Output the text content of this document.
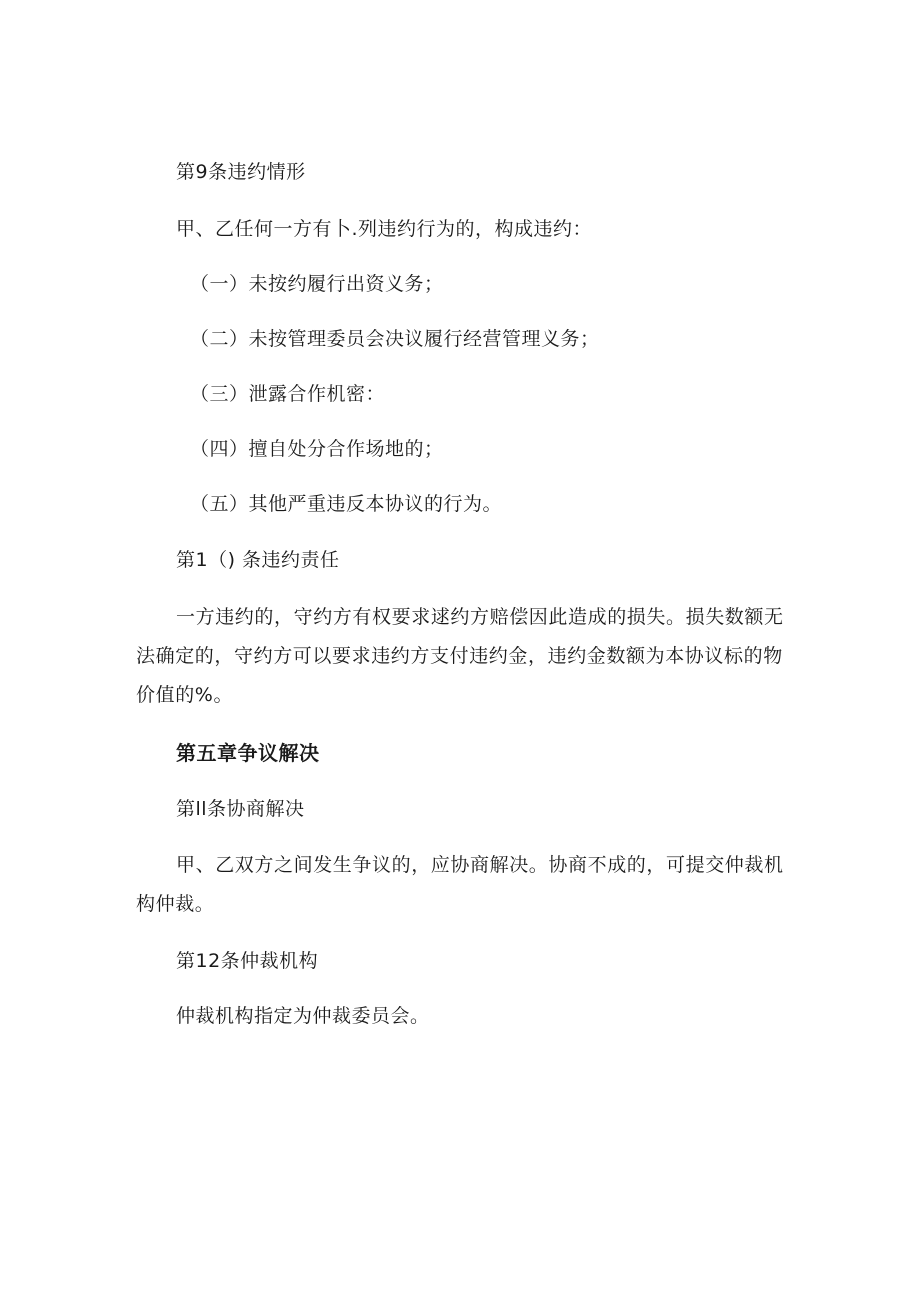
第9条违约情形
甲、乙任何一方有卜.列违约行为的，构成违约：
（一）未按约履行出资义务；
（二）未按管理委员会决议履行经营管理义务；
（三）泄露合作机密：
（四）擅自处分合作场地的；
（五）其他严重违反本协议的行为。
第1（) 条违约责任
一方违约的，守约方有权要求逑约方赔偿因此造成的损失。损失数额无法确定的，守约方可以要求违约方支付违约金，违约金数额为本协议标的物价值的%。
第五章争议解决
第ll条协商解决
甲、乙双方之间发生争议的，应协商解决。协商不成的，可提交仲裁机构仲裁。
第12条仲裁机构
仲裁机构指定为仲裁委员会。
